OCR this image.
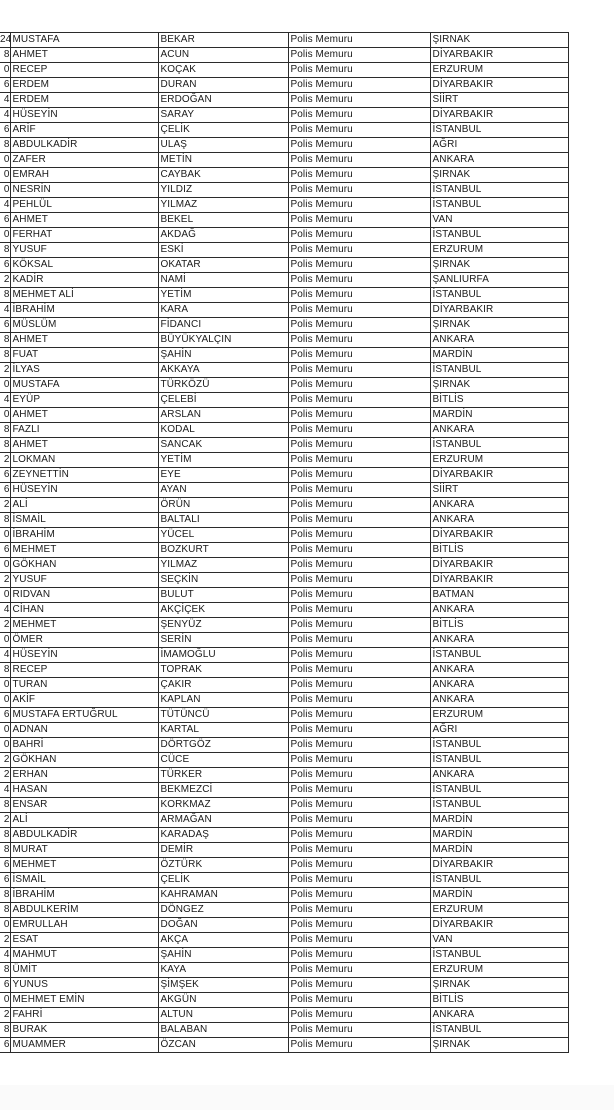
24	MUSTAFA	BEKAR	Polis Memuru	ŞIRNAK
8	AHMET	ACUN	Polis Memuru	DİYARBAKIR
0	RECEP	KOÇAK	Polis Memuru	ERZURUM
6	ERDEM	DURAN	Polis Memuru	DİYARBAKIR
4	ERDEM	ERDOĞAN	Polis Memuru	SİİRT
4	HÜSEYİN	SARAY	Polis Memuru	DİYARBAKIR
6	ARİF	ÇELİK	Polis Memuru	İSTANBUL
8	ABDULKADİR	ULAŞ	Polis Memuru	AĞRI
0	ZAFER	METİN	Polis Memuru	ANKARA
0	EMRAH	CAYBAK	Polis Memuru	ŞIRNAK
0	NESRİN	YILDIZ	Polis Memuru	İSTANBUL
4	PEHLÜL	YILMAZ	Polis Memuru	İSTANBUL
6	AHMET	BEKEL	Polis Memuru	VAN
0	FERHAT	AKDAĞ	Polis Memuru	İSTANBUL
8	YUSUF	ESKİ	Polis Memuru	ERZURUM
6	KÖKSAL	OKATAR	Polis Memuru	ŞIRNAK
2	KADİR	NAMİ	Polis Memuru	ŞANLIURFA
8	MEHMET ALİ	YETİM	Polis Memuru	İSTANBUL
4	İBRAHİM	KARA	Polis Memuru	DİYARBAKIR
6	MÜSLÜM	FİDANCI	Polis Memuru	ŞIRNAK
8	AHMET	BÜYÜKYALÇIN	Polis Memuru	ANKARA
8	FUAT	ŞAHİN	Polis Memuru	MARDİN
2	İLYAS	AKKAYA	Polis Memuru	İSTANBUL
0	MUSTAFA	TÜRKÖZÜ	Polis Memuru	ŞIRNAK
4	EYÜP	ÇELEBİ	Polis Memuru	BİTLİS
0	AHMET	ARSLAN	Polis Memuru	MARDİN
8	FAZLI	KODAL	Polis Memuru	ANKARA
8	AHMET	SANCAK	Polis Memuru	İSTANBUL
2	LOKMAN	YETİM	Polis Memuru	ERZURUM
6	ZEYNETTİN	EYE	Polis Memuru	DİYARBAKIR
6	HÜSEYİN	AYAN	Polis Memuru	SİİRT
2	ALİ	ÖRÜN	Polis Memuru	ANKARA
8	İSMAİL	BALTALI	Polis Memuru	ANKARA
0	İBRAHİM	YÜCEL	Polis Memuru	DİYARBAKIR
6	MEHMET	BOZKURT	Polis Memuru	BİTLİS
0	GÖKHAN	YILMAZ	Polis Memuru	DİYARBAKIR
2	YUSUF	SEÇKİN	Polis Memuru	DİYARBAKIR
0	RIDVAN	BULUT	Polis Memuru	BATMAN
4	CİHAN	AKÇİÇEK	Polis Memuru	ANKARA
2	MEHMET	ŞENYÜZ	Polis Memuru	BİTLİS
0	ÖMER	SERİN	Polis Memuru	ANKARA
4	HÜSEYİN	İMAMOĞLU	Polis Memuru	İSTANBUL
8	RECEP	TOPRAK	Polis Memuru	ANKARA
0	TURAN	ÇAKIR	Polis Memuru	ANKARA
0	AKİF	KAPLAN	Polis Memuru	ANKARA
6	MUSTAFA ERTUĞRUL	TÜTÜNCÜ	Polis Memuru	ERZURUM
0	ADNAN	KARTAL	Polis Memuru	AĞRI
0	BAHRİ	DÖRTGÖZ	Polis Memuru	İSTANBUL
2	GÖKHAN	CÜCE	Polis Memuru	İSTANBUL
2	ERHAN	TÜRKER	Polis Memuru	ANKARA
4	HASAN	BEKMEZCİ	Polis Memuru	İSTANBUL
8	ENSAR	KORKMAZ	Polis Memuru	İSTANBUL
2	ALİ	ARMAĞAN	Polis Memuru	MARDİN
8	ABDULKADİR	KARADAŞ	Polis Memuru	MARDİN
8	MURAT	DEMİR	Polis Memuru	MARDİN
6	MEHMET	ÖZTÜRK	Polis Memuru	DİYARBAKIR
6	İSMAİL	ÇELİK	Polis Memuru	İSTANBUL
8	İBRAHİM	KAHRAMAN	Polis Memuru	MARDİN
8	ABDULKERİM	DÖNGEZ	Polis Memuru	ERZURUM
0	EMRULLAH	DOĞAN	Polis Memuru	DİYARBAKIR
2	ESAT	AKÇA	Polis Memuru	VAN
4	MAHMUT	ŞAHİN	Polis Memuru	İSTANBUL
8	ÜMİT	KAYA	Polis Memuru	ERZURUM
6	YUNUS	ŞİMŞEK	Polis Memuru	ŞIRNAK
0	MEHMET EMİN	AKGÜN	Polis Memuru	BİTLİS
2	FAHRİ	ALTUN	Polis Memuru	ANKARA
8	BURAK	BALABAN	Polis Memuru	İSTANBUL
6	MUAMMER	ÖZCAN	Polis Memuru	ŞIRNAK
